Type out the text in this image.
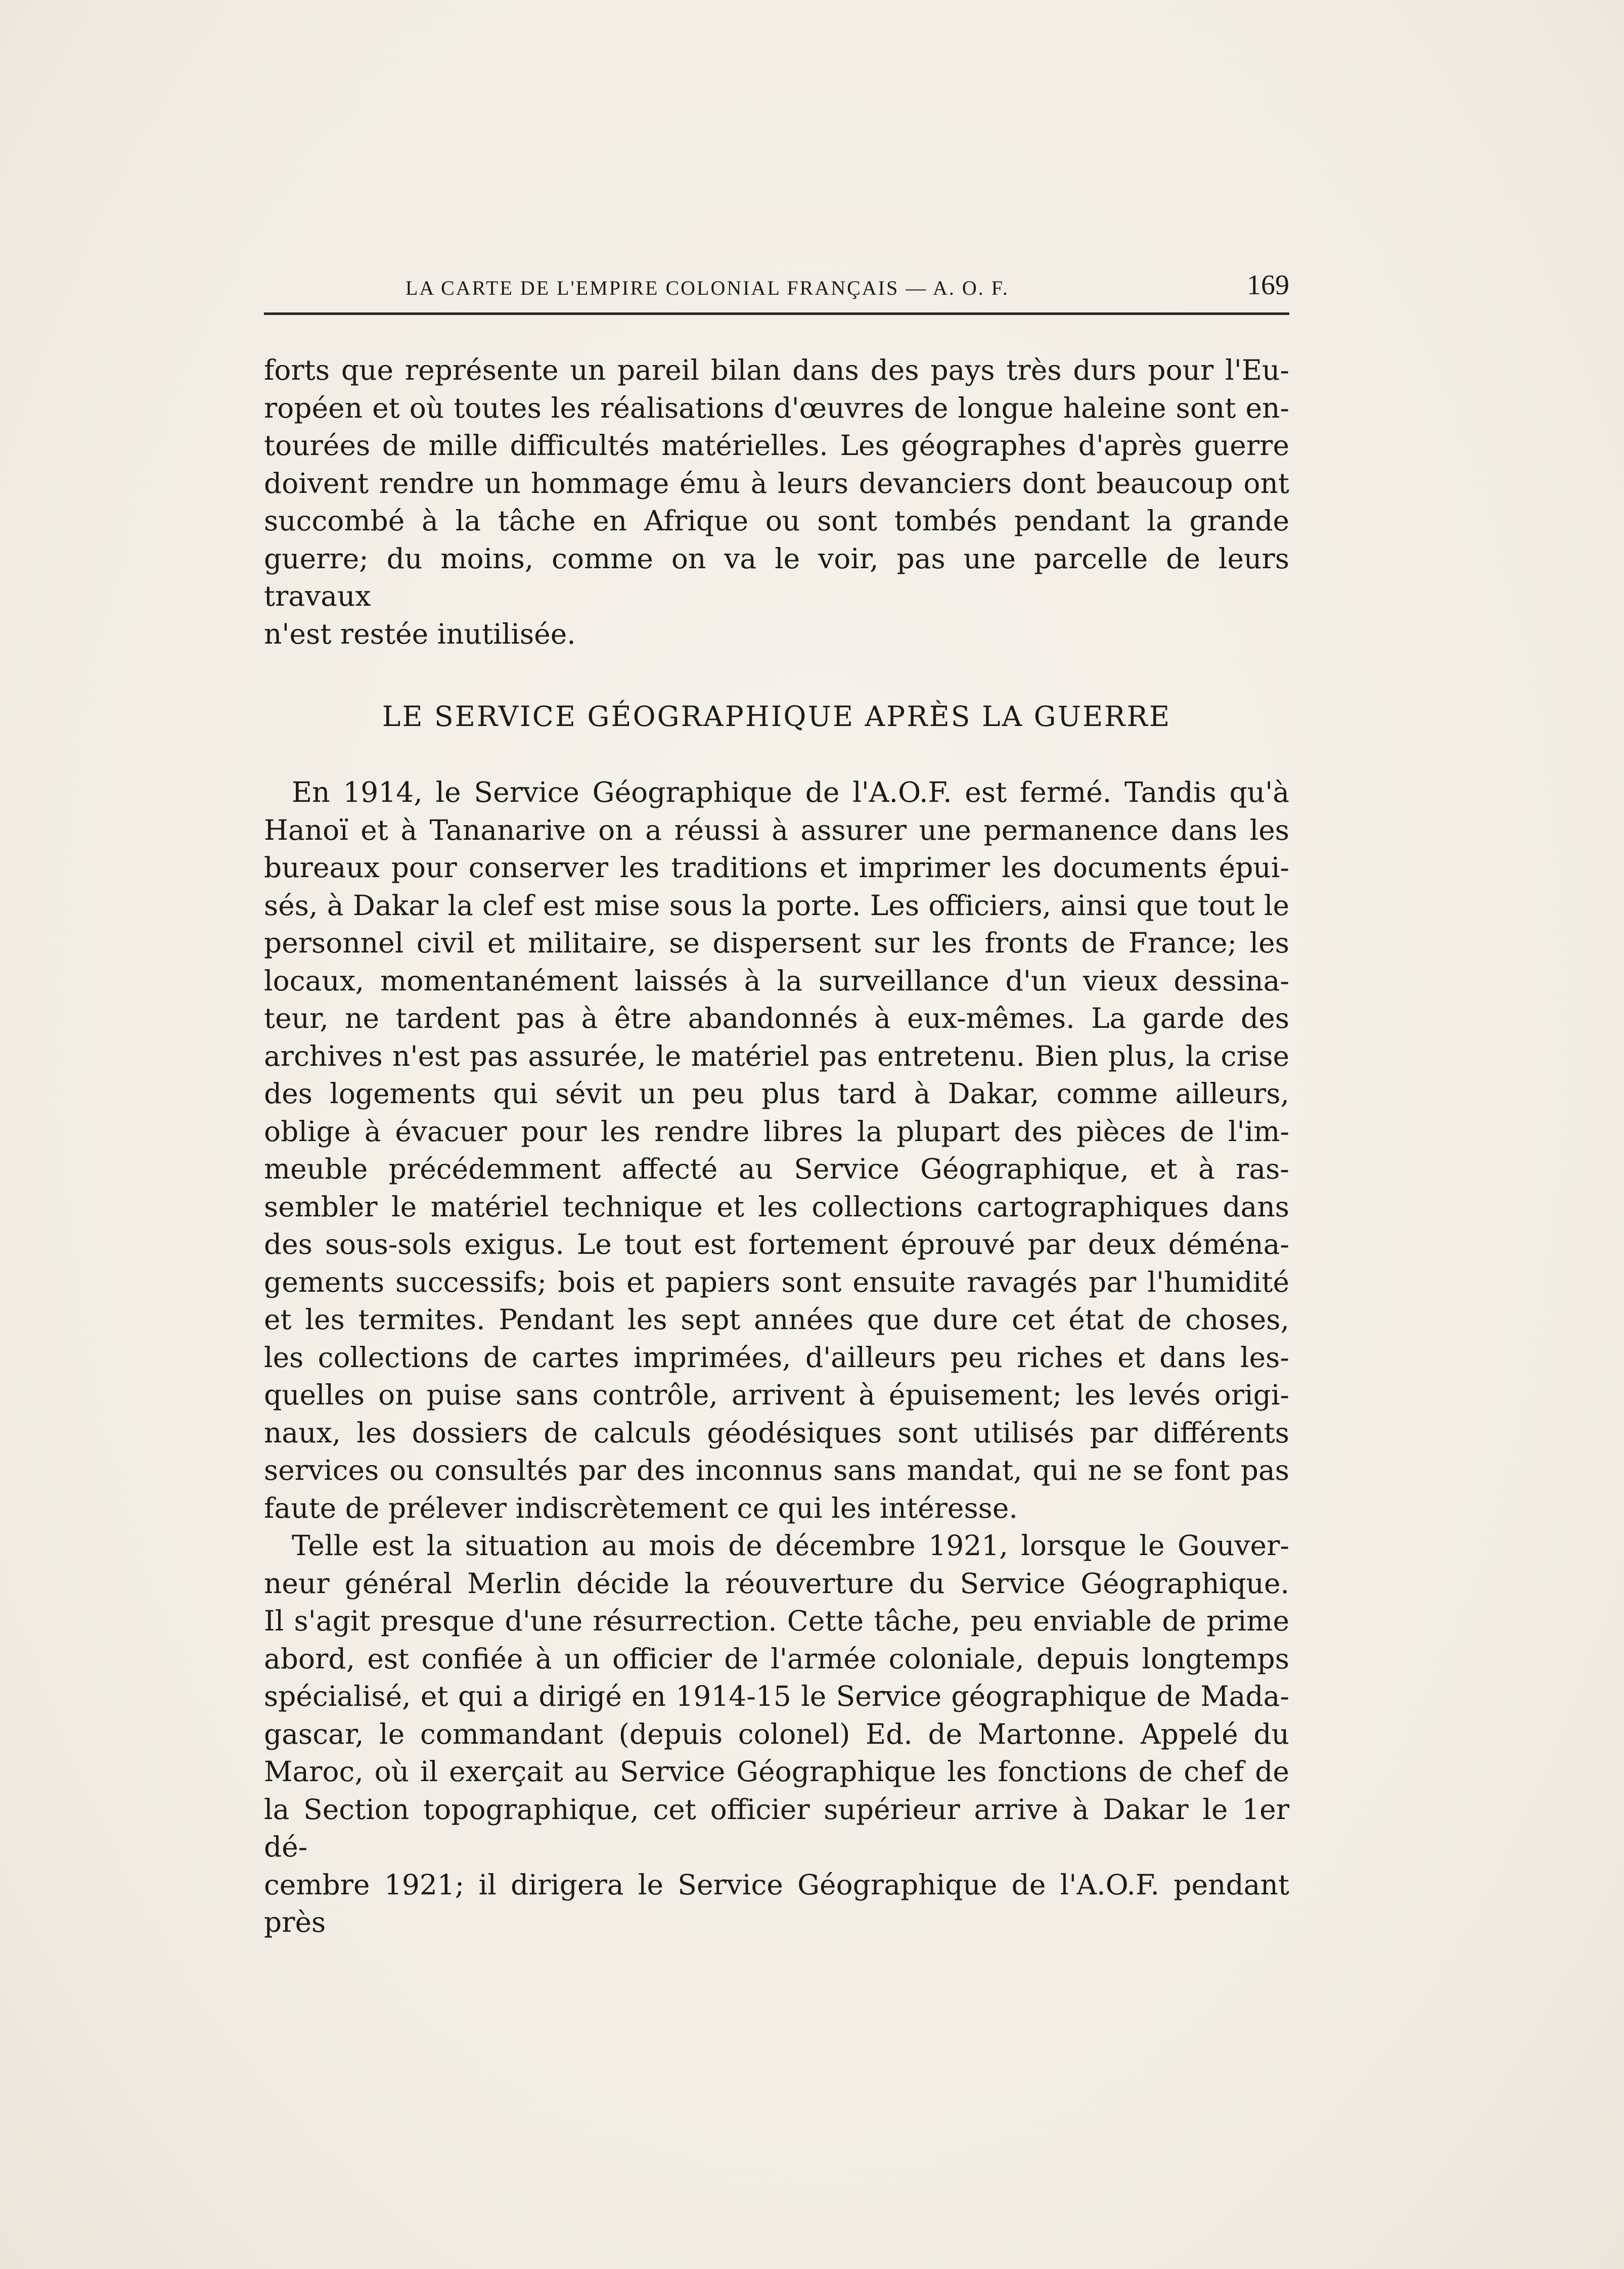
LA CARTE DE L'EMPIRE COLONIAL FRANÇAIS — A. O. F.	169

forts que représente un pareil bilan dans des pays très durs pour l'Eu-

ropéen et où toutes les réalisations d'œuvres de longue haleine sont en-

tourées de mille difficultés matérielles. Les géographes d'après guerre

doivent rendre un hommage ému à leurs devanciers dont beaucoup ont

succombé à la tâche en Afrique ou sont tombés pendant la grande

guerre; du moins, comme on va le voir, pas une parcelle de leurs travaux

n'est restée inutilisée.

LE SERVICE GÉOGRAPHIQUE APRÈS LA GUERRE

En 1914, le Service Géographique de l'A.O.F. est fermé. Tandis qu'à

Hanoï et à Tananarive on a réussi à assurer une permanence dans les

bureaux pour conserver les traditions et imprimer les documents épui-

sés, à Dakar la clef est mise sous la porte. Les officiers, ainsi que tout le

personnel civil et militaire, se dispersent sur les fronts de France; les

locaux, momentanément laissés à la surveillance d'un vieux dessina-

teur, ne tardent pas à être abandonnés à eux-mêmes. La garde des

archives n'est pas assurée, le matériel pas entretenu. Bien plus, la crise

des logements qui sévit un peu plus tard à Dakar, comme ailleurs,

oblige à évacuer pour les rendre libres la plupart des pièces de l'im-

meuble précédemment affecté au Service Géographique, et à ras-

sembler le matériel technique et les collections cartographiques dans

des sous-sols exigus. Le tout est fortement éprouvé par deux déména-

gements successifs; bois et papiers sont ensuite ravagés par l'humidité

et les termites. Pendant les sept années que dure cet état de choses,

les collections de cartes imprimées, d'ailleurs peu riches et dans les-

quelles on puise sans contrôle, arrivent à épuisement; les levés origi-

naux, les dossiers de calculs géodésiques sont utilisés par différents

services ou consultés par des inconnus sans mandat, qui ne se font pas

faute de prélever indiscrètement ce qui les intéresse.

Telle est la situation au mois de décembre 1921, lorsque le Gouver-

neur général Merlin décide la réouverture du Service Géographique.

Il s'agit presque d'une résurrection. Cette tâche, peu enviable de prime

abord, est confiée à un officier de l'armée coloniale, depuis longtemps

spécialisé, et qui a dirigé en 1914-15 le Service géographique de Mada-

gascar, le commandant (depuis colonel) Ed. de Martonne. Appelé du

Maroc, où il exerçait au Service Géographique les fonctions de chef de

la Section topographique, cet officier supérieur arrive à Dakar le 1er dé-

cembre 1921; il dirigera le Service Géographique de l'A.O.F. pendant près
